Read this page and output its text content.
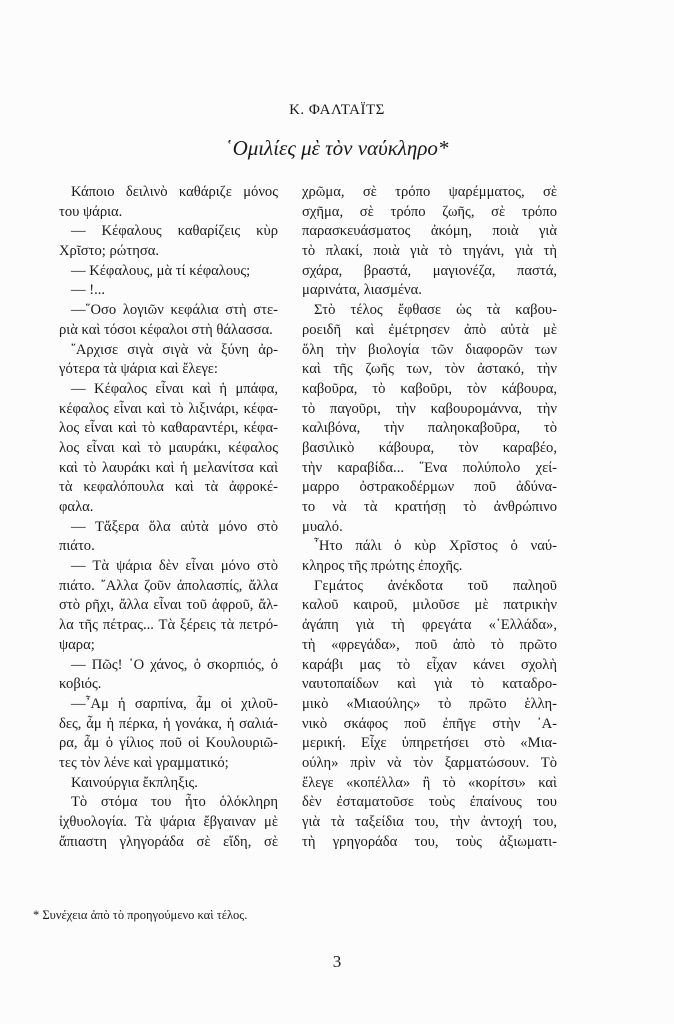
Κ. ΦΑΛΤΑΪΤΣ
῾Ομιλίες μὲ τὸν ναύκληρο*
Κάποιο δειλινὸ καθάριζε μόνος
του ψάρια.
— Κέφαλους καθαρίζεις κὺρ
Χρῖστο; ρώτησα.
— Κέφαλους, μὰ τί κέφαλους;
— !...
—῞Οσο λογιῶν κεφάλια στὴ στε-
ριὰ καὶ τόσοι κέφαλοι στὴ θάλασσα.
῎Αρχισε σιγὰ σιγὰ νὰ ξύνη ἀρ-
γότερα τὰ ψάρια καὶ ἔλεγε:
— Κέφαλος εἶναι καὶ ἡ μπάφα,
κέφαλος εἶναι καὶ τὸ λιξινάρι, κέφα-
λος εἶναι καὶ τὸ καθαραντέρι, κέφα-
λος εἶναι καὶ τὸ μαυράκι, κέφαλος
καὶ τὸ λαυράκι καὶ ἡ μελανίτσα καὶ
τὰ κεφαλόπουλα καὶ τὰ ἀφροκέ-
φαλα.
— Τἄξερα ὅλα αὐτὰ μόνο στὸ
πιάτο.
— Τὰ ψάρια δὲν εἶναι μόνο στὸ
πιάτο. ῎Αλλα ζοῦν ἀπολασπίς, ἄλλα
στὸ ρῆχι, ἄλλα εἶναι τοῦ ἀφροῦ, ἄλ-
λα τῆς πέτρας... Τὰ ξέρεις τὰ πετρό-
ψαρα;
— Πῶς! ῾Ο χάνος, ὁ σκορπιός, ὁ
κοβιός.
—῏Αμ ἡ σαρπίνα, ἆμ οἱ χιλοῦ-
δες, ἆμ ἡ πέρκα, ἡ γονάκα, ἡ σαλιά-
ρα, ἆμ ὁ γίλιος ποῦ οἱ Κουλουριῶ-
τες τὸν λένε καὶ γραμματικό;
Καινούργια ἔκπληξις.
Τὸ στόμα του ἦτο ὁλόκληρη
ἰχθυολογία. Τὰ ψάρια ἔβγαιναν μὲ
ἄπιαστη γληγοράδα σὲ εἴδη, σὲ
χρῶμα, σὲ τρόπο ψαρέμματος, σὲ
σχῆμα, σὲ τρόπο ζωῆς, σὲ τρόπο
παρασκευάσματος ἀκόμη, ποιὰ γιὰ
τὸ πλακί, ποιὰ γιὰ τὸ τηγάνι, γιὰ τὴ
σχάρα, βραστά, μαγιονέζα, παστά,
μαρινάτα, λιασμένα.
Στὸ τέλος ἔφθασε ὡς τὰ καβου-
ροειδῆ καὶ ἐμέτρησεν ἀπὸ αὐτὰ μὲ
ὅλη τὴν βιολογία τῶν διαφορῶν των
καὶ τῆς ζωῆς των, τὸν ἀστακό, τὴν
καβοῦρα, τὸ καβοῦρι, τὸν κάβουρα,
τὸ παγοῦρι, τὴν καβουρομάννα, τὴν
καλιβόνα, τὴν παληοκαβοῦρα, τὸ
βασιλικὸ κάβουρα, τὸν καραβέο,
τὴν καραβίδα... ῞Ενα πολύπολο χεί-
μαρρο ὀστρακοδέρμων ποῦ ἀδύνα-
το νὰ τὰ κρατήσῃ τὸ ἀνθρώπινο
μυαλό.
῏Ητο πάλι ὁ κὺρ Χρῖστος ὁ ναύ-
κληρος τῆς πρώτης ἐποχῆς.
Γεμάτος ἀνέκδοτα τοῦ παληοῦ
καλοῦ καιροῦ, μιλοῦσε μὲ πατρικὴν
ἀγάπη γιὰ τὴ φρεγάτα «῾Ελλάδα»,
τὴ «φρεγάδα», ποῦ ἀπὸ τὸ πρῶτο
καράβι μας τὸ εἶχαν κάνει σχολὴ
ναυτοπαίδων καὶ γιὰ τὸ καταδρο-
μικὸ «Μιαούλης» τὸ πρῶτο ἑλλη-
νικὸ σκάφος ποῦ ἐπῆγε στὴν ᾿Α-
μερική. Εἶχε ὑπηρετήσει στὸ «Μια-
ούλη» πρὶν νὰ τὸν ξαρματώσουν. Τὸ
ἔλεγε «κοπέλλα» ἢ τὸ «κορίτσι» καὶ
δὲν ἐσταματοῦσε τοὺς ἐπαίνους του
γιὰ τὰ ταξείδια του, τὴν ἀντοχή του,
τὴ γρηγοράδα του, τοὺς ἀξιωματι-
* Συνέχεια ἀπὸ τὸ προηγούμενο καὶ τέλος.
3
